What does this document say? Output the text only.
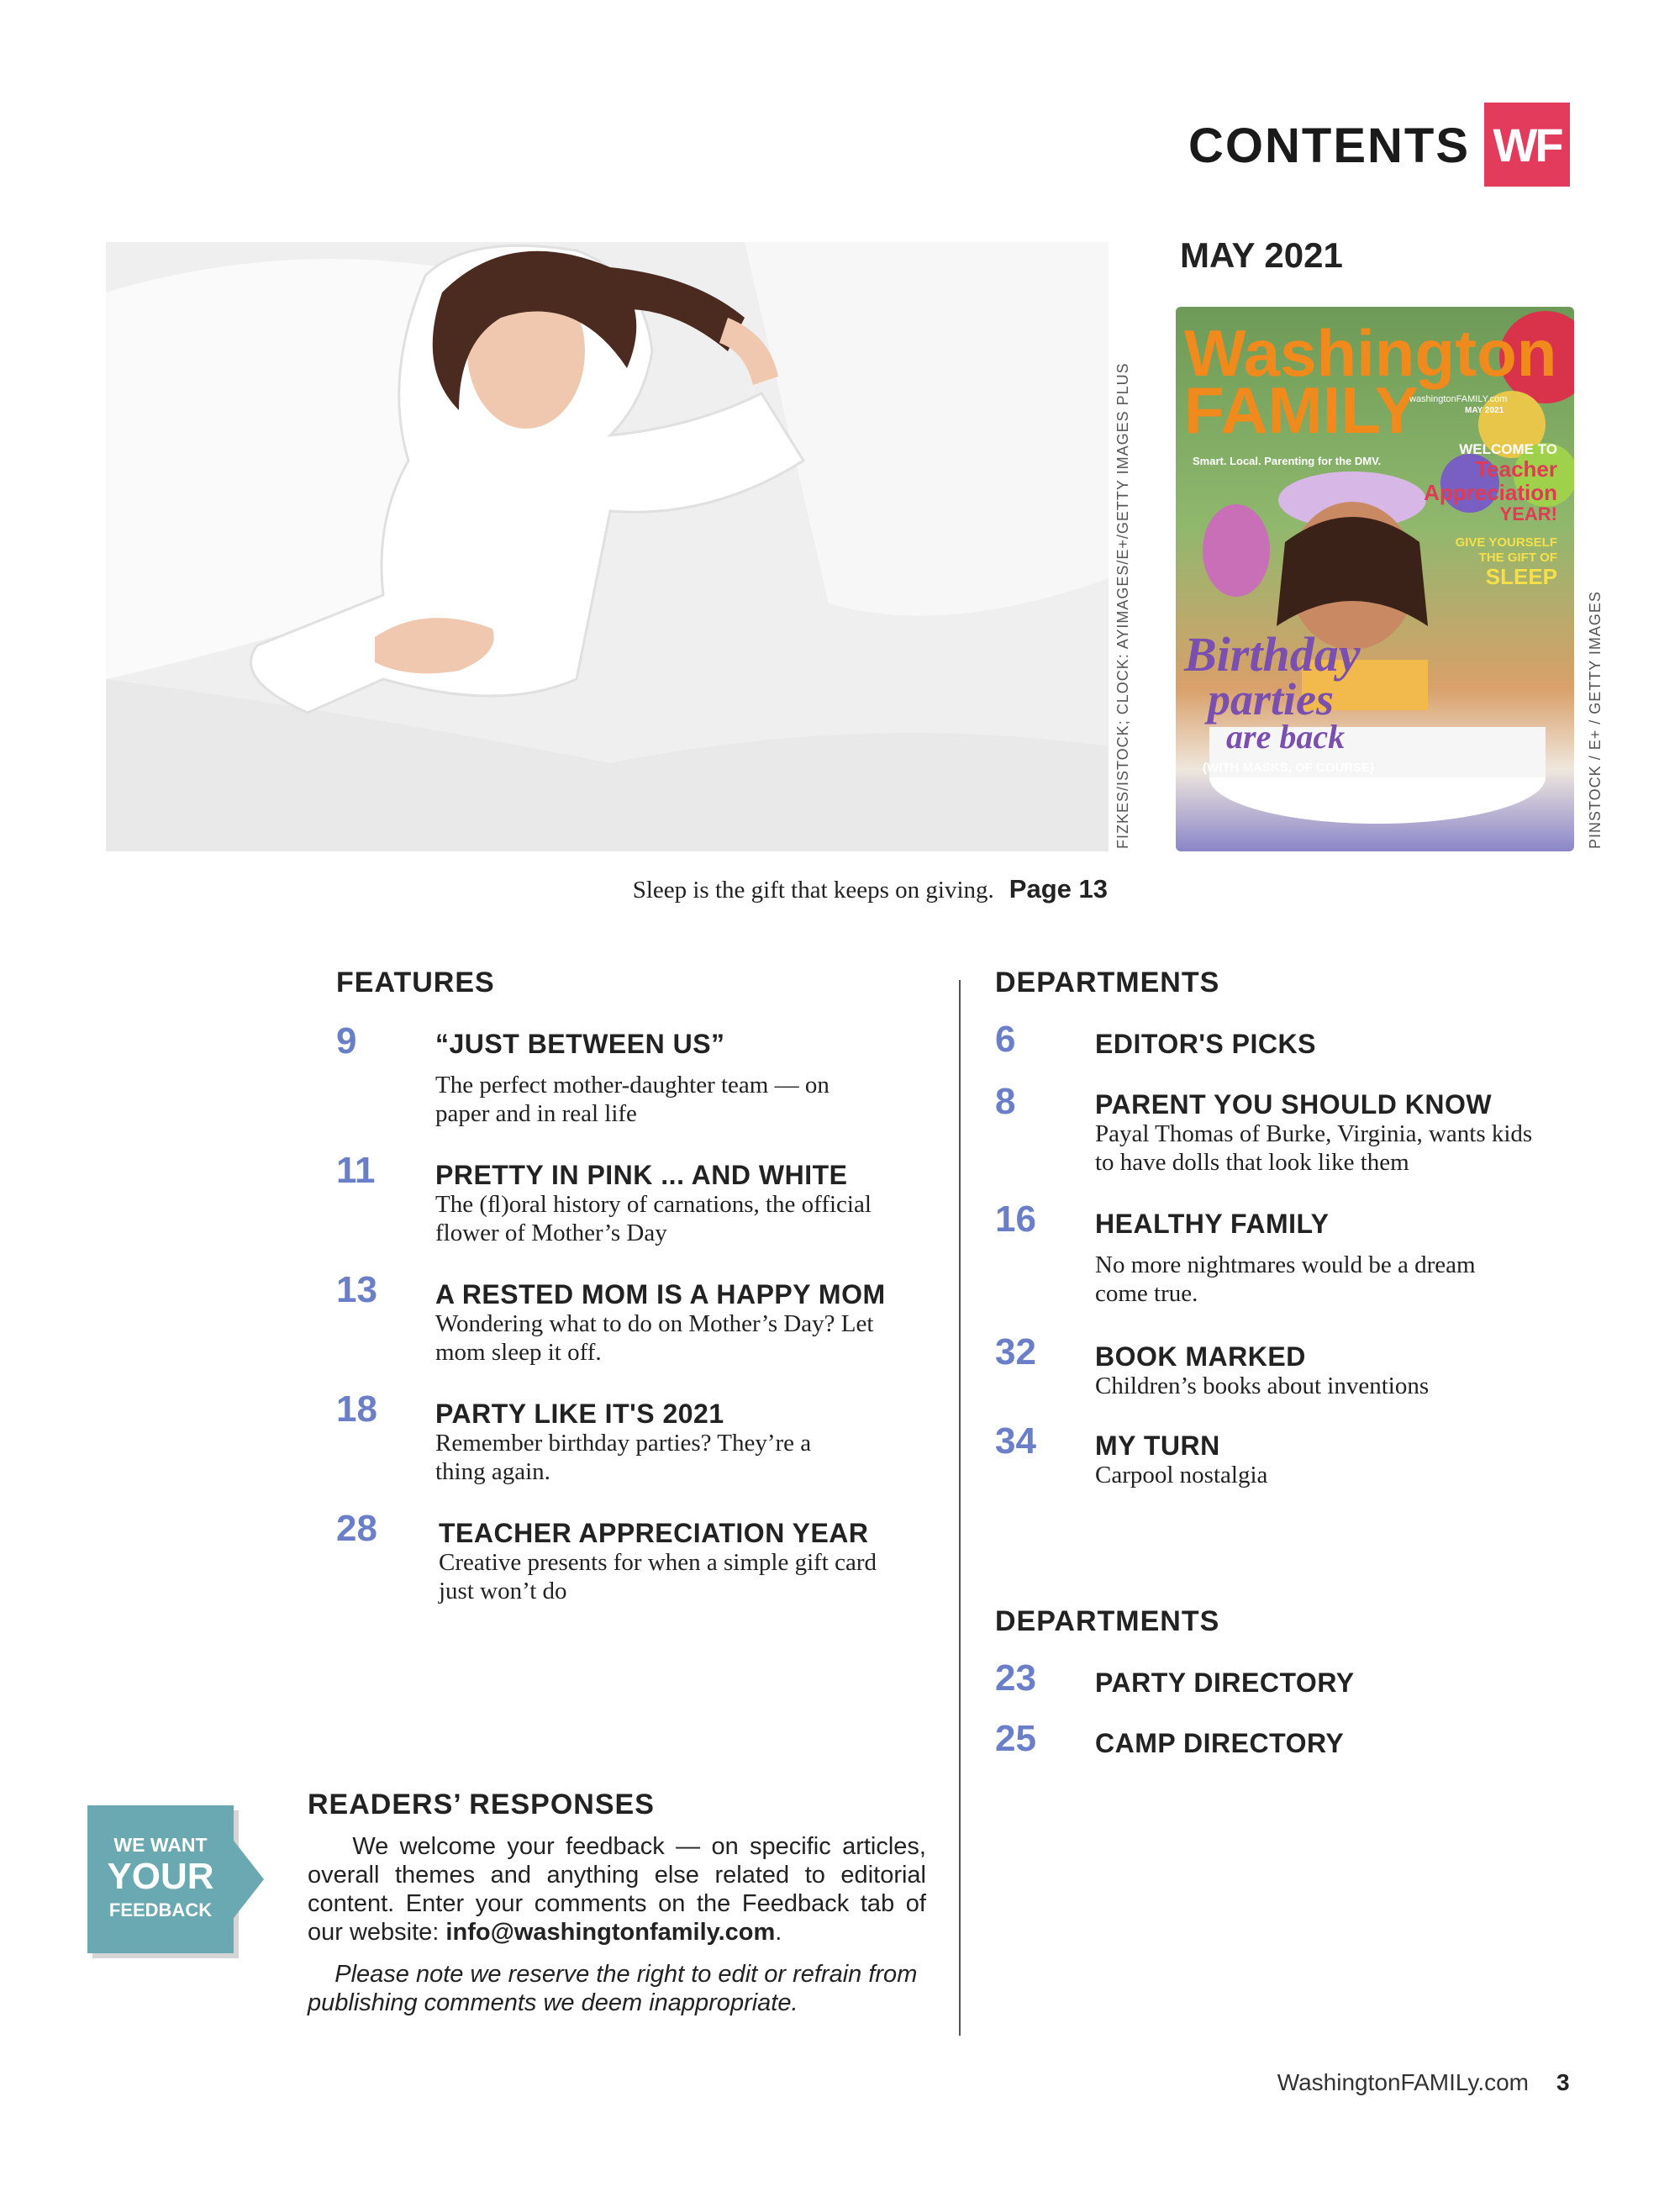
CONTENTS WF
MAY 2021
FIZKES/ISTOCK; CLOCK: AYIMAGES/E+/GETTY IMAGES PLUS
Sleep is the gift that keeps on giving. Page 13
Washington
FAMILY
washingtonFAMILY.com
MAY 2021
Smart. Local. Parenting for the DMV.
WELCOME TO
Teacher
Appreciation
YEAR!
GIVE YOURSELF
THE GIFT OF
SLEEP
Birthday
parties
are back
(WITH MASKS, OF COURSE)	PINSTOCK / E+ / GETTY IMAGES
FEATURES
9	“JUST BETWEEN US”
The perfect mother-daughter team — on
paper and in real life
11 PRETTY IN PINK ... AND WHITE
The (ﬂ)oral history of carnations, the official
flower of Mother’s Day
13 A RESTED MOM IS A HAPPY MOM
Wondering what to do on Mother’s Day? Let
mom sleep it off.
18 PARTY LIKE IT'S 2021
Remember birthday parties? They’re a
thing again.
28 TEACHER APPRECIATION YEAR
Creative presents for when a simple gift card
just won’t do
DEPARTMENTS
6	EDITOR'S PICKS
8	PARENT YOU SHOULD KNOW
Payal Thomas of Burke, Virginia, wants kids
to have dolls that look like them
16 HEALTHY FAMILY
No more nightmares would be a dream
come true.
32 BOOK MARKED
Children’s books about inventions
34 MY TURN
Carpool nostalgia
DEPARTMENTS
23 PARTY DIRECTORY
25 CAMP DIRECTORY
WE WANT
YOUR
FEEDBACK
READERS’ RESPONSES
We welcome your feedback — on specific articles, overall themes and anything else related to editorial content. Enter your comments on the Feedback tab of our website: info@washingtonfamily.com.
Please note we reserve the right to edit or refrain from publishing comments we deem inappropriate.
WashingtonFAMILy.com 3
